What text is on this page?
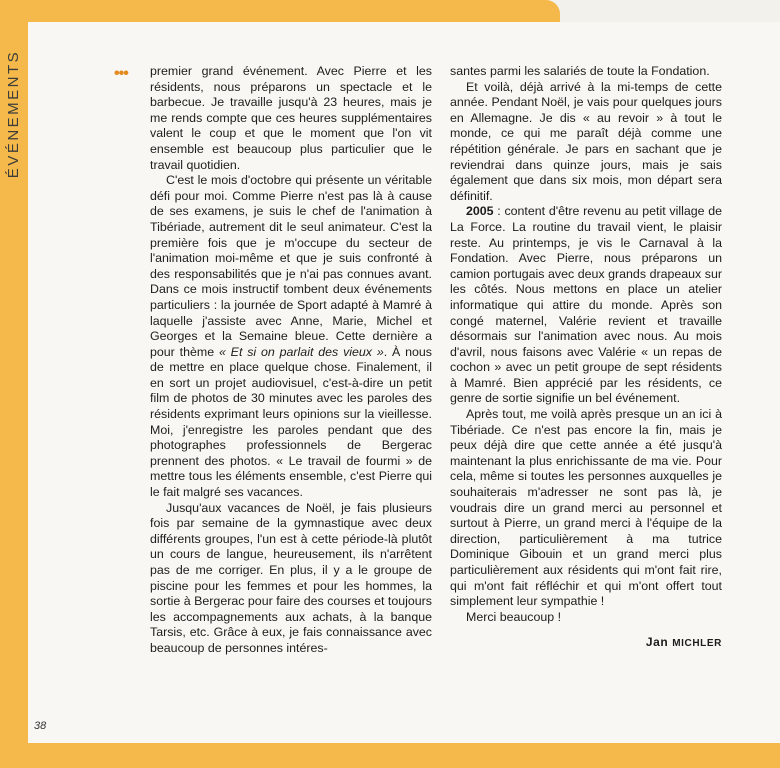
ÉVÉNEMENTS	••• premier grand événement. Avec Pierre et les résidents, nous préparons un spectacle et le barbecue. Je travaille jusqu'à 23 heures, mais je me rends compte que ces heures supplémentaires valent le coup et que le moment que l'on vit ensemble est beaucoup plus particulier que le travail quotidien.

C'est le mois d'octobre qui présente un véritable défi pour moi. Comme Pierre n'est pas là à cause de ses examens, je suis le chef de l'animation à Tibériade, autrement dit le seul animateur. C'est la première fois que je m'occupe du secteur de l'animation moi-même et que je suis confronté à des responsabilités que je n'ai pas connues avant. Dans ce mois instructif tombent deux événements particuliers : la journée de Sport adapté à Mamré à laquelle j'assiste avec Anne, Marie, Michel et Georges et la Semaine bleue. Cette dernière a pour thème « Et si on parlait des vieux ». À nous de mettre en place quelque chose. Finalement, il en sort un projet audiovisuel, c'est-à-dire un petit film de photos de 30 minutes avec les paroles des résidents exprimant leurs opinions sur la vieillesse. Moi, j'enregistre les paroles pendant que des photographes professionnels de Bergerac prennent des photos. « Le travail de fourmi » de mettre tous les éléments ensemble, c'est Pierre qui le fait malgré ses vacances.

Jusqu'aux vacances de Noël, je fais plusieurs fois par semaine de la gymnastique avec deux différents groupes, l'un est à cette période-là plutôt un cours de langue, heureusement, ils n'arrêtent pas de me corriger. En plus, il y a le groupe de piscine pour les femmes et pour les hommes, la sortie à Bergerac pour faire des courses et toujours les accompagnements aux achats, à la banque Tarsis, etc. Grâce à eux, je fais connaissance avec beaucoup de personnes intéres-

santes parmi les salariés de toute la Fondation.

Et voilà, déjà arrivé à la mi-temps de cette année. Pendant Noël, je vais pour quelques jours en Allemagne. Je dis « au revoir » à tout le monde, ce qui me paraît déjà comme une répétition générale. Je pars en sachant que je reviendrai dans quinze jours, mais je sais également que dans six mois, mon départ sera définitif.

2005 : content d'être revenu au petit village de La Force. La routine du travail vient, le plaisir reste. Au printemps, je vis le Carnaval à la Fondation. Avec Pierre, nous préparons un camion portugais avec deux grands drapeaux sur les côtés. Nous mettons en place un atelier informatique qui attire du monde. Après son congé maternel, Valérie revient et travaille désormais sur l'animation avec nous. Au mois d'avril, nous faisons avec Valérie « un repas de cochon » avec un petit groupe de sept résidents à Mamré. Bien apprécié par les résidents, ce genre de sortie signifie un bel événement.

Après tout, me voilà après presque un an ici à Tibériade. Ce n'est pas encore la fin, mais je peux déjà dire que cette année a été jusqu'à maintenant la plus enrichissante de ma vie. Pour cela, même si toutes les personnes auxquelles je souhaiterais m'adresser ne sont pas là, je voudrais dire un grand merci au personnel et surtout à Pierre, un grand merci à l'équipe de la direction, particulièrement à ma tutrice Dominique Gibouin et un grand merci plus particulièrement aux résidents qui m'ont fait rire, qui m'ont fait réfléchir et qui m'ont offert tout simplement leur sympathie !

Merci beaucoup !

Jan MICHLER
38
